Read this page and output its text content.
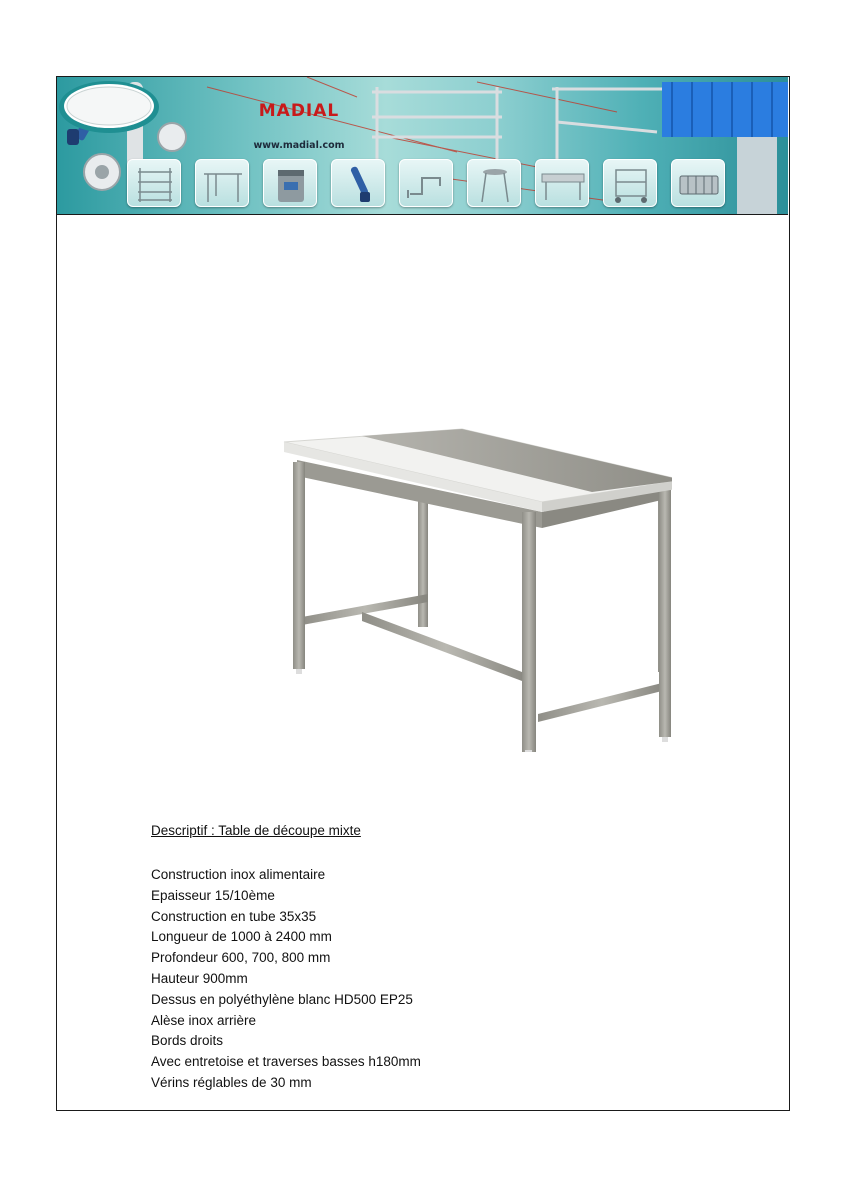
MADIAL
www.madial.com
Descriptif : Table de découpe mixte
Construction inox alimentaire
Epaisseur 15/10ème
Construction en tube 35x35
Longueur de 1000 à 2400 mm
Profondeur 600, 700, 800 mm
Hauteur 900mm
Dessus en polyéthylène blanc HD500 EP25
Alèse inox arrière
Bords droits
Avec entretoise et traverses basses h180mm
Vérins réglables de 30 mm
